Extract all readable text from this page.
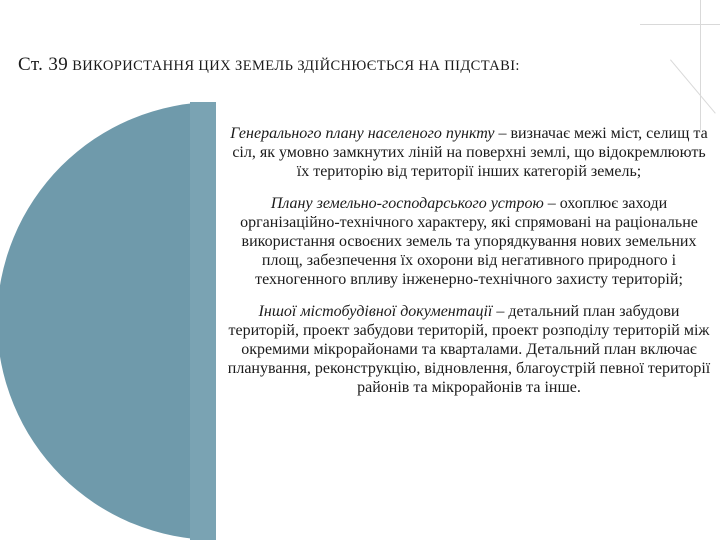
Ст. 39 ВИКОРИСТАННЯ ЦИХ ЗЕМЕЛЬ ЗДІЙСНЮЄТЬСЯ НА ПІДСТАВІ:

Генерального плану населеного пункту – визначає межі міст, селищ та сіл, як умовно замкнутих ліній на поверхні землі, що відокремлюють їх територію від території інших категорій земель;

Плану земельно-господарського устрою – охоплює заходи організаційно-технічного характеру, які спрямовані на раціональне використання освоєних земель та упорядкування нових земельних площ, забезпечення їх охорони від негативного природного і техногенного впливу інженерно-технічного захисту територій;

Іншої містобудівної документації – детальний план забудови територій, проект забудови територій, проект розподілу територій між окремими мікрорайонами та кварталами. Детальний план включає планування, реконструкцію, відновлення, благоустрій певної території районів та мікрорайонів та інше.
